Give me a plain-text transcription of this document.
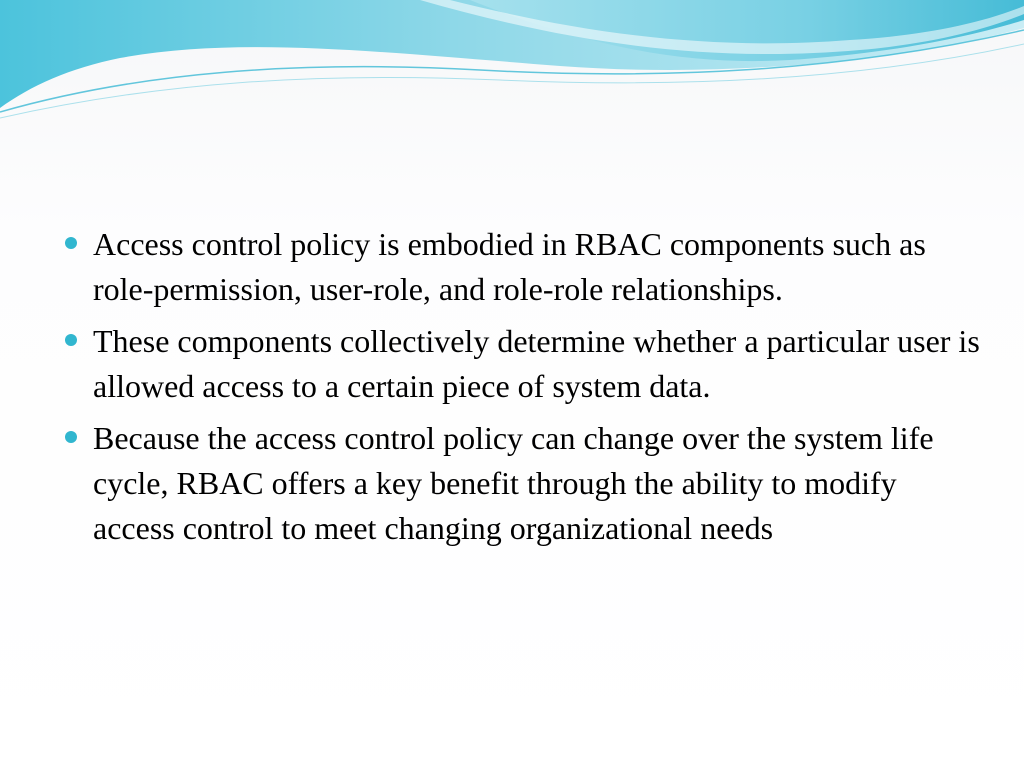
Access control policy is embodied in RBAC components such as role-permission, user-role, and role-role relationships.
These components collectively determine whether a particular user is allowed access to a certain piece of system data.
Because the access control policy can change over the system life cycle, RBAC offers a key benefit through the ability to modify access control to meet changing organizational needs
